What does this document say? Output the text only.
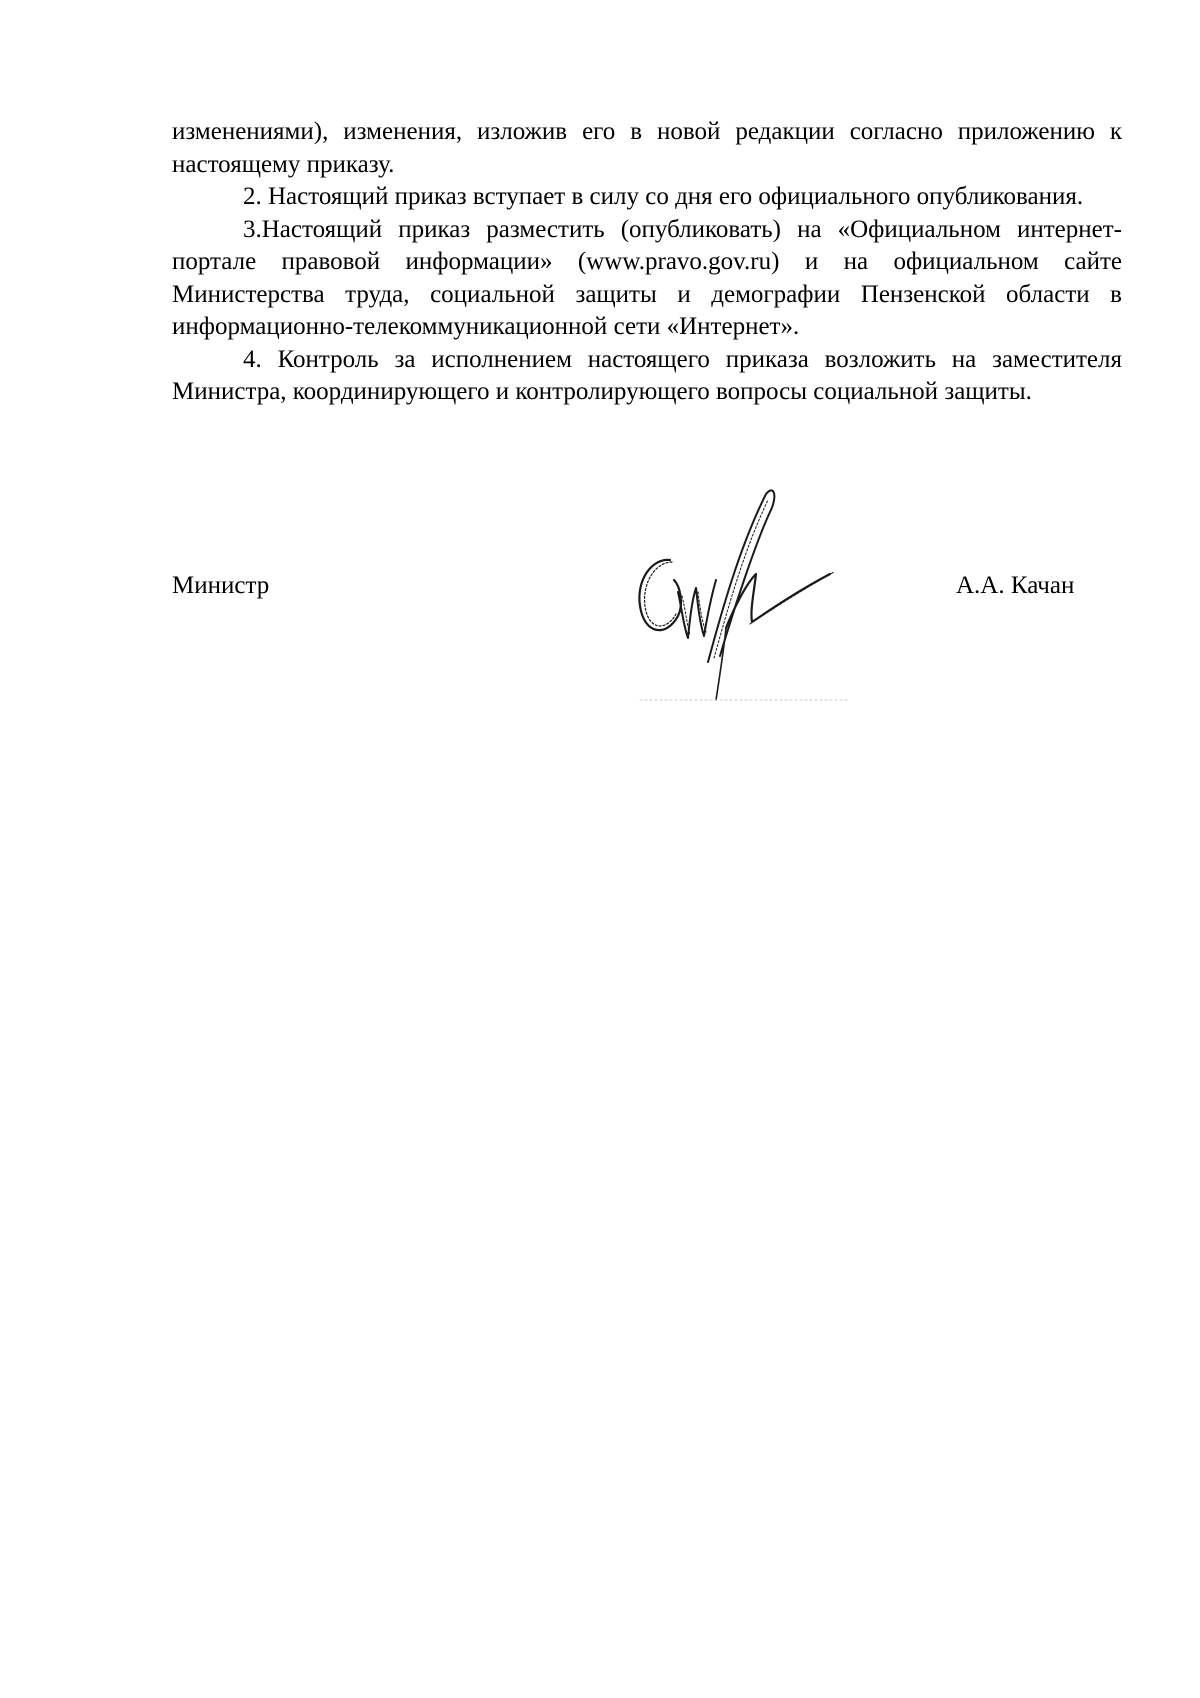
изменениями), изменения, изложив его в новой редакции согласно приложению к настоящему приказу.

2. Настоящий приказ вступает в силу со дня его официального опубликования.

3.Настоящий приказ разместить (опубликовать) на «Официальном интернет-портале правовой информации» (www.pravo.gov.ru) и на официальном сайте Министерства труда, социальной защиты и демографии Пензенской области в информационно-телекоммуникационной сети «Интернет».

4. Контроль за исполнением настоящего приказа возложить на заместителя Министра, координирующего и контролирующего вопросы социальной защиты.

Министр	А.А. Качан
